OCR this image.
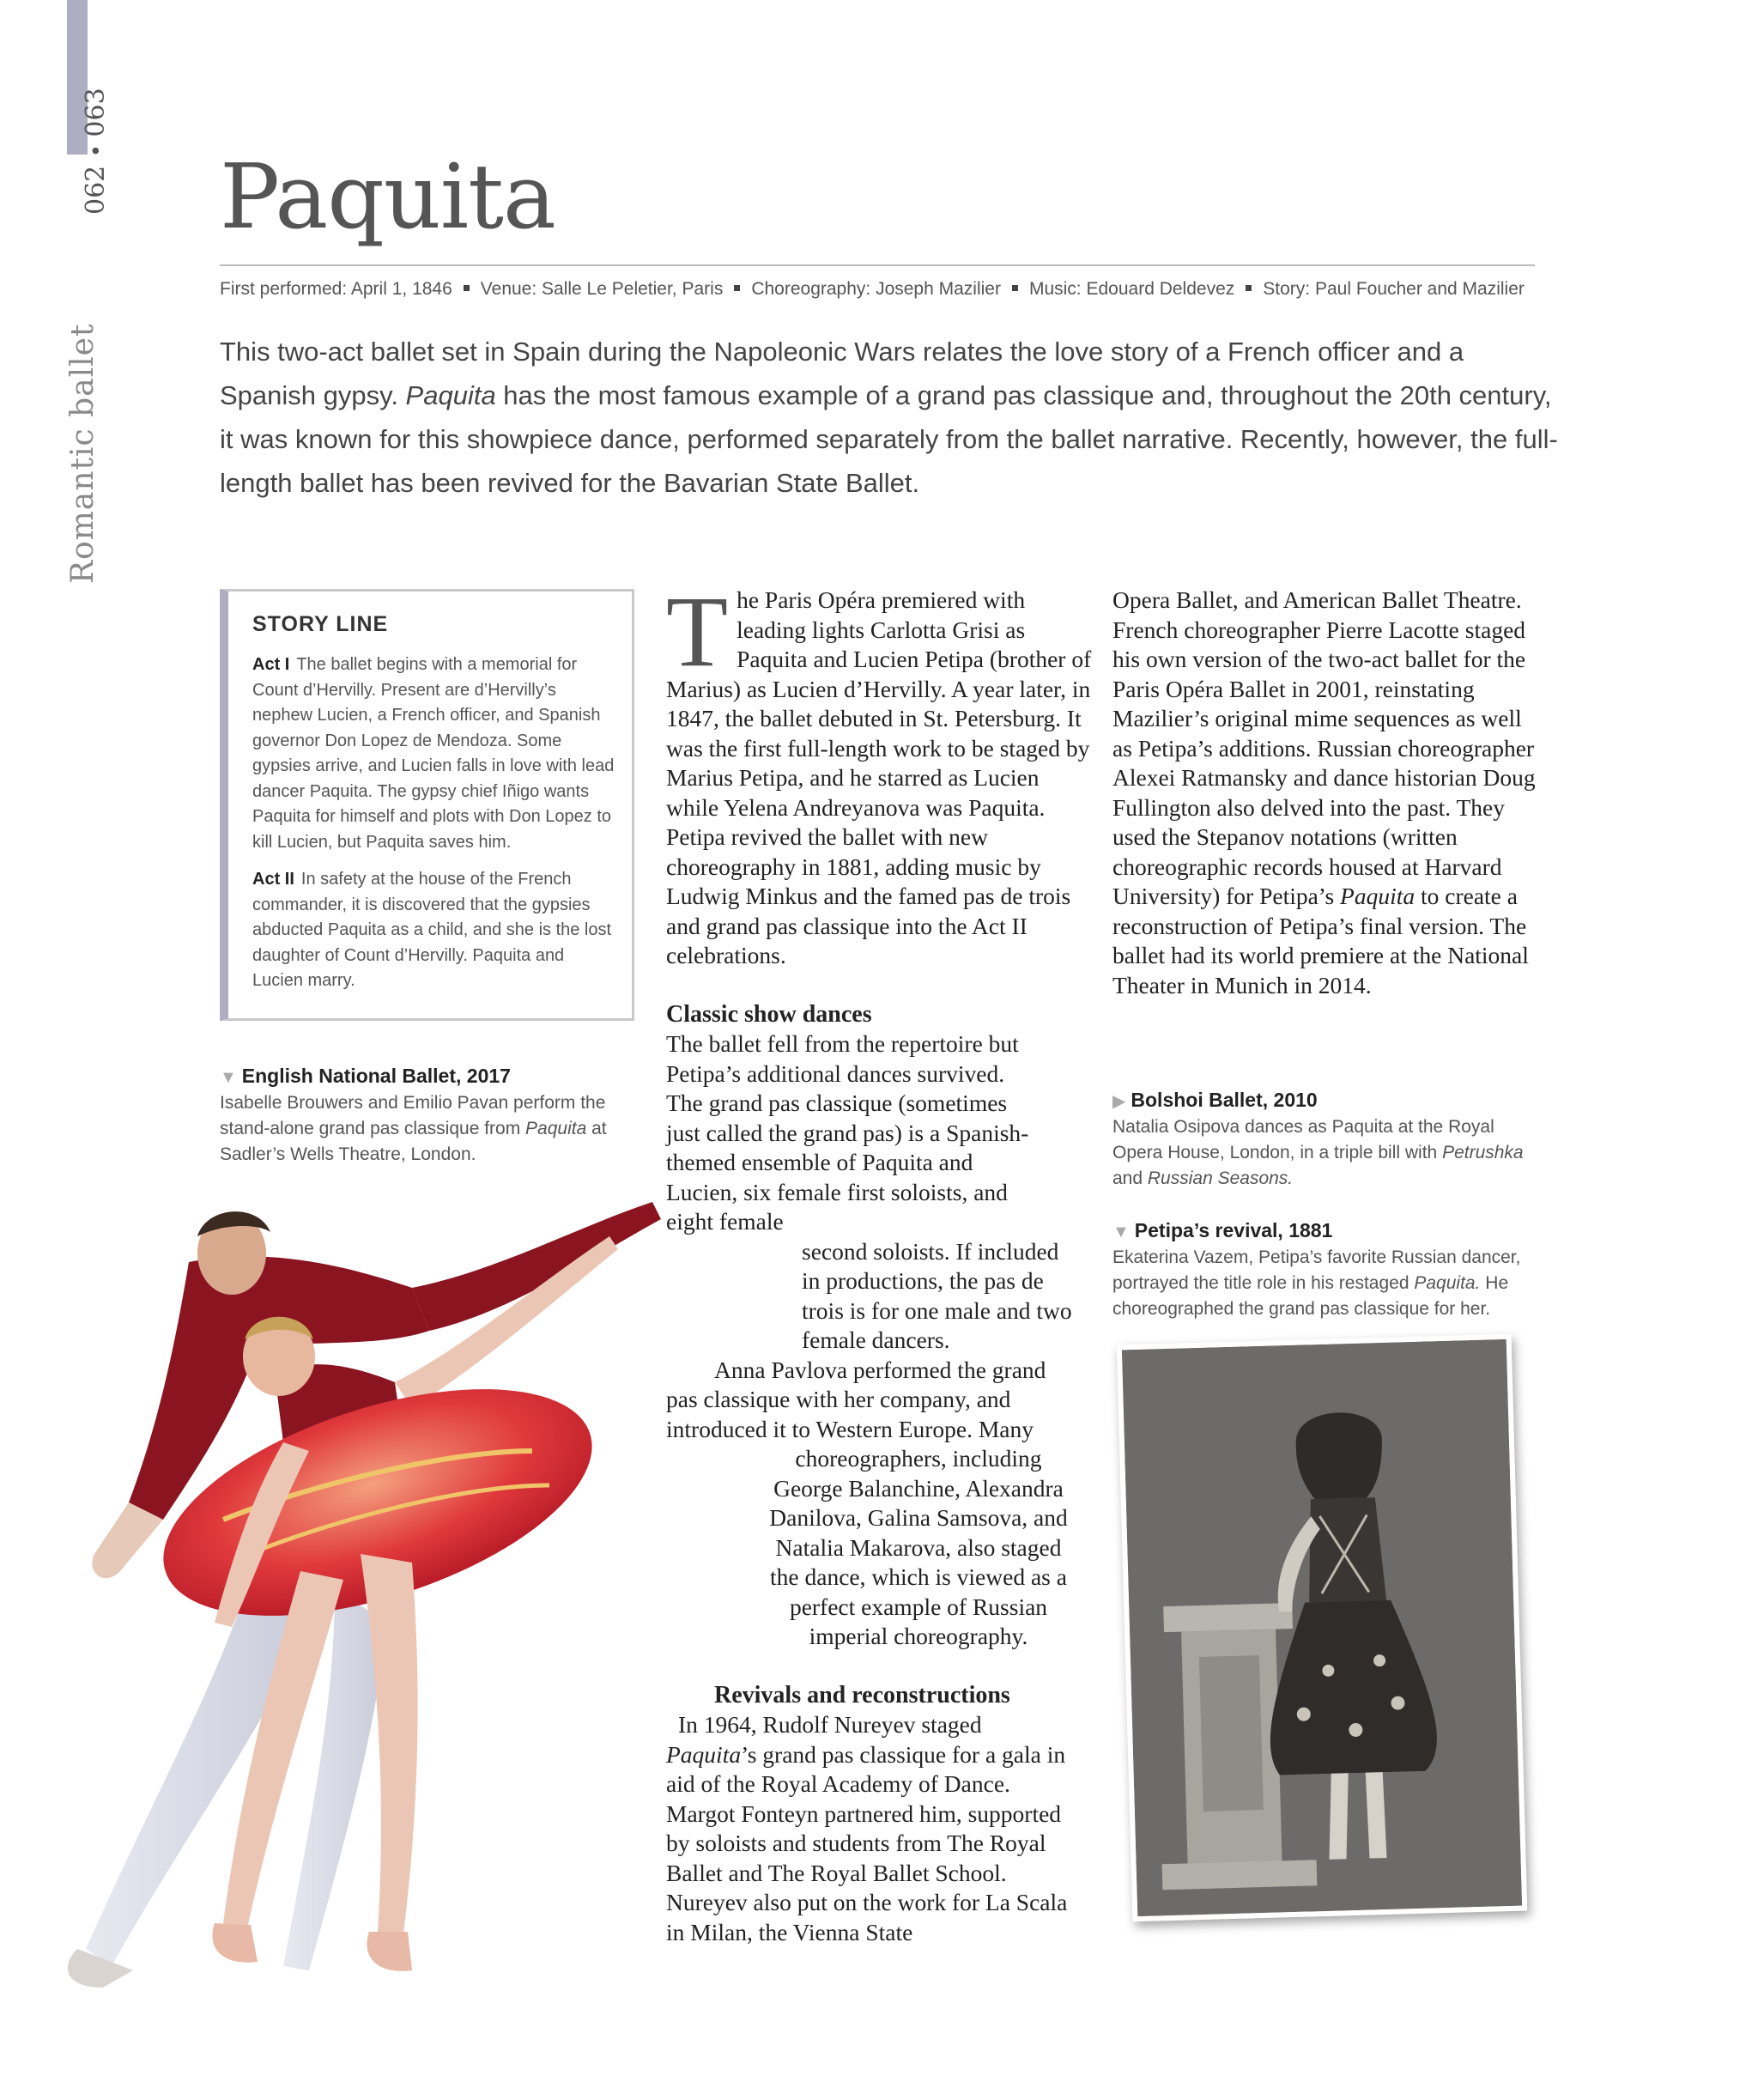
062 • 063
Romantic ballet
Paquita
First performed: April 1, 1846 Venue: Salle Le Peletier, Paris Choreography: Joseph Mazilier Music: Edouard Deldevez Story: Paul Foucher and Mazilier

This two-act ballet set in Spain during the Napoleonic Wars relates the love story of a French officer and a Spanish gypsy. Paquita has the most famous example of a grand pas classique and, throughout the 20th century, it was known for this showpiece dance, performed separately from the ballet narrative. Recently, however, the full-length ballet has been revived for the Bavarian State Ballet.

STORY LINE

Act I The ballet begins with a memorial for Count d’Hervilly. Present are d’Hervilly’s nephew Lucien, a French officer, and Spanish governor Don Lopez de Mendoza. Some gypsies arrive, and Lucien falls in love with lead dancer Paquita. The gypsy chief Iñigo wants Paquita for himself and plots with Don Lopez to kill Lucien, but Paquita saves him.

Act II In safety at the house of the French commander, it is discovered that the gypsies abducted Paquita as a child, and she is the lost daughter of Count d’Hervilly. Paquita and Lucien marry.

▼ English National Ballet, 2017
Isabelle Brouwers and Emilio Pavan perform the stand-alone grand pas classique from Paquita at Sadler’s Wells Theatre, London.

The Paris Opéra premiered with leading lights Carlotta Grisi as Paquita and Lucien Petipa (brother of Marius) as Lucien d’Hervilly. A year later, in 1847, the ballet debuted in St. Petersburg. It was the first full-length work to be staged by Marius Petipa, and he starred as Lucien while Yelena Andreyanova was Paquita. Petipa revived the ballet with new choreography in 1881, adding music by Ludwig Minkus and the famed pas de trois and grand pas classique into the Act II celebrations.

Classic show dances

The ballet fell from the repertoire but Petipa’s additional dances survived. The grand pas classique (sometimes just called the grand pas) is a Spanish-themed ensemble of Paquita and Lucien, six female first soloists, and eight female

second soloists. If included in productions, the pas de trois is for one male and two female dancers.

Anna Pavlova performed the grand pas classique with her company, and introduced it to Western Europe. Many

choreographers, including George Balanchine, Alexandra Danilova, Galina Samsova, and Natalia Makarova, also staged the dance, which is viewed as a perfect example of Russian imperial choreography.

Revivals and reconstructions

In 1964, Rudolf Nureyev staged Paquita’s grand pas classique for a gala in aid of the Royal Academy of Dance. Margot Fonteyn partnered him, supported by soloists and students from The Royal Ballet and The Royal Ballet School. Nureyev also put on the work for La Scala in Milan, the Vienna State

Opera Ballet, and American Ballet Theatre. French choreographer Pierre Lacotte staged his own version of the two-act ballet for the Paris Opéra Ballet in 2001, reinstating Mazilier’s original mime sequences as well as Petipa’s additions. Russian choreographer Alexei Ratmansky and dance historian Doug Fullington also delved into the past. They used the Stepanov notations (written choreographic records housed at Harvard University) for Petipa’s Paquita to create a reconstruction of Petipa’s final version. The ballet had its world premiere at the National Theater in Munich in 2014.

▶ Bolshoi Ballet, 2010
Natalia Osipova dances as Paquita at the Royal Opera House, London, in a triple bill with Petrushka and Russian Seasons.
▼ Petipa’s revival, 1881
Ekaterina Vazem, Petipa’s favorite Russian dancer, portrayed the title role in his restaged Paquita. He choreographed the grand pas classique for her.
